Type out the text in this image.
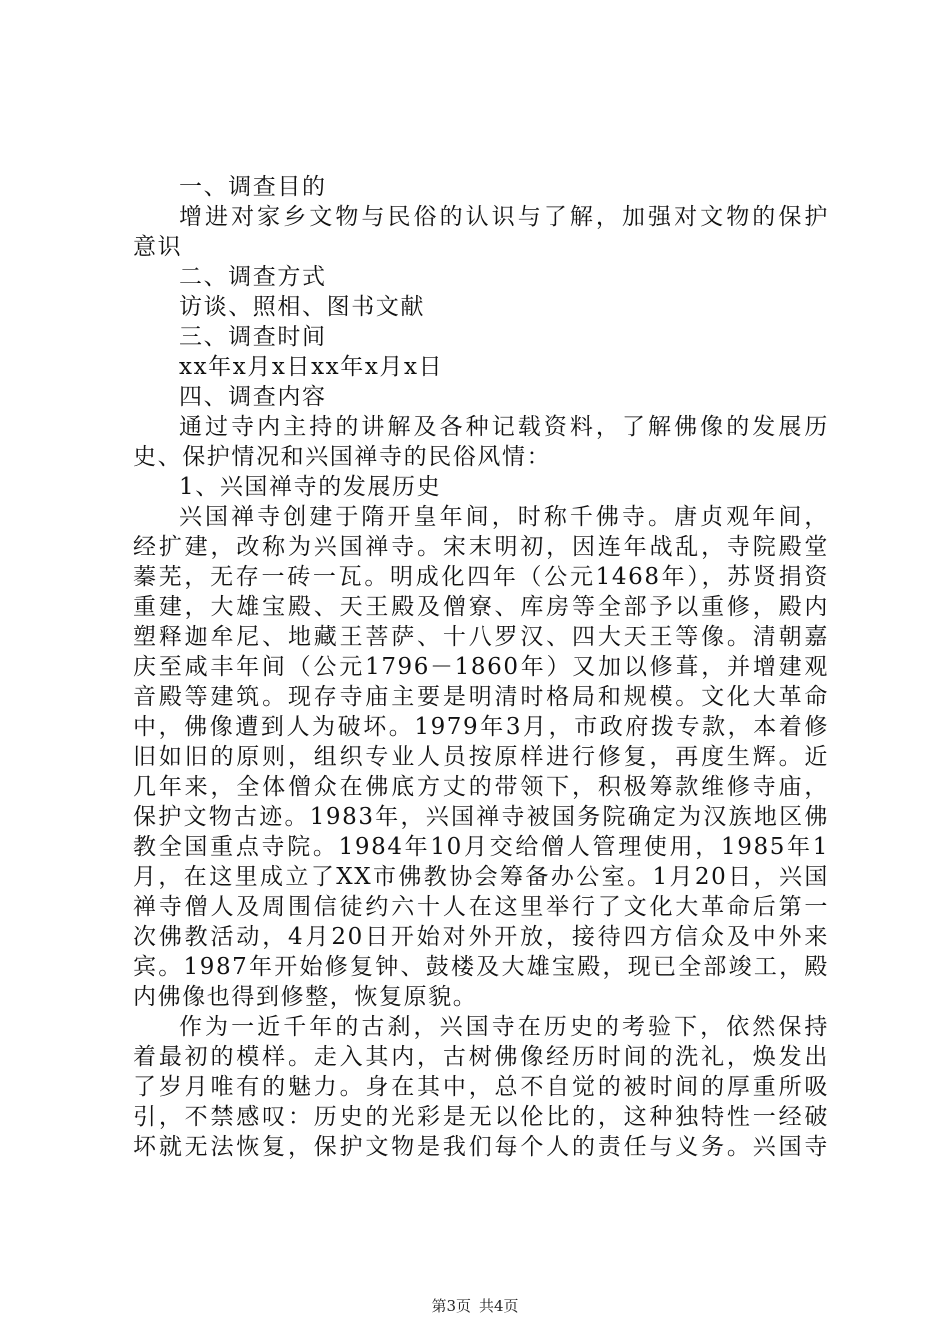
一、调查目的
增进对家乡文物与民俗的认识与了解，加强对文物的保护
意识
二、调查方式
访谈、照相、图书文献
三、调查时间
xx年x月x日xx年x月x日
四、调查内容
通过寺内主持的讲解及各种记载资料，了解佛像的发展历
史、保护情况和兴国禅寺的民俗风情：
1、兴国禅寺的发展历史
兴国禅寺创建于隋开皇年间，时称千佛寺。唐贞观年间，
经扩建，改称为兴国禅寺。宋末明初，因连年战乱，寺院殿堂
蓁芜，无存一砖一瓦。明成化四年（公元1468年），苏贤捐资
重建，大雄宝殿、天王殿及僧寮、库房等全部予以重修，殿内
塑释迦牟尼、地藏王菩萨、十八罗汉、四大天王等像。清朝嘉
庆至咸丰年间（公元1796－1860年）又加以修葺，并增建观
音殿等建筑。现存寺庙主要是明清时格局和规模。文化大革命
中，佛像遭到人为破坏。1979年3月，市政府拨专款，本着修
旧如旧的原则，组织专业人员按原样进行修复，再度生辉。近
几年来，全体僧众在佛底方丈的带领下，积极筹款维修寺庙，
保护文物古迹。1983年，兴国禅寺被国务院确定为汉族地区佛
教全国重点寺院。1984年10月交给僧人管理使用，1985年1
月，在这里成立了XX市佛教协会筹备办公室。1月20日，兴国
禅寺僧人及周围信徒约六十人在这里举行了文化大革命后第一
次佛教活动，4月20日开始对外开放，接待四方信众及中外来
宾。1987年开始修复钟、鼓楼及大雄宝殿，现已全部竣工，殿
内佛像也得到修整，恢复原貌。
作为一近千年的古刹，兴国寺在历史的考验下，依然保持
着最初的模样。走入其内，古树佛像经历时间的洗礼，焕发出
了岁月唯有的魅力。身在其中，总不自觉的被时间的厚重所吸
引，不禁感叹：历史的光彩是无以伦比的，这种独特性一经破
坏就无法恢复，保护文物是我们每个人的责任与义务。兴国寺
第3页 共4页
